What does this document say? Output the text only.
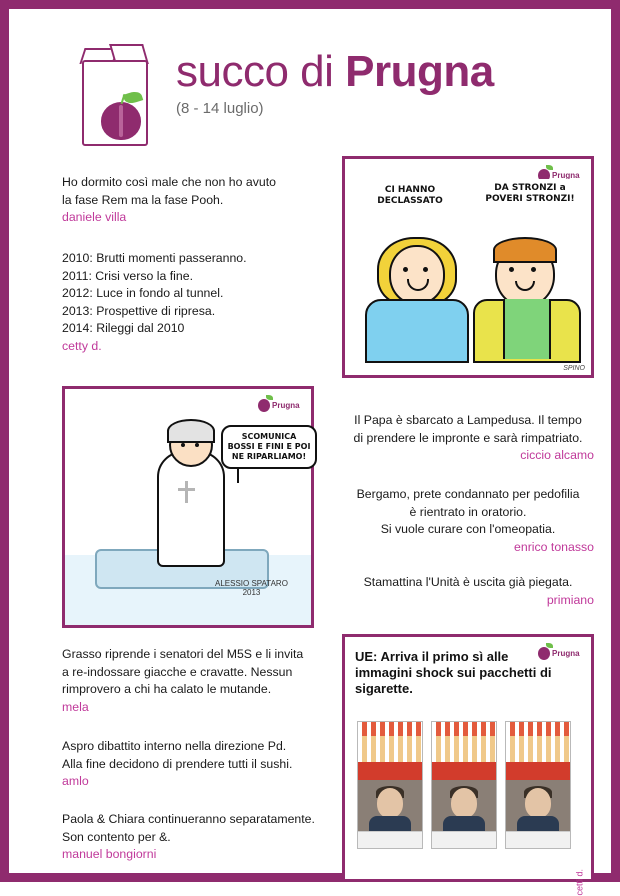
succo di Prugna
(8 - 14 luglio)

Ho dormito così male che non ho avuto

la fase Rem ma la fase Pooh.

daniele villa

2010: Brutti momenti passeranno.

2011: Crisi verso la fine.

2012: Luce in fondo al tunnel.

2013: Prospettive di ripresa.

2014: Rileggi dal 2010

cetty d.

Prugna
CI HANNO DECLASSATO
DA STRONZI a POVERI STRONZI!
SPINO

Il Papa è sbarcato a Lampedusa. Il tempo

di prendere le impronte e sarà rimpatriato.

ciccio alcamo

Bergamo, prete condannato per pedofilia

è rientrato in oratorio.

Si vuole curare con l'omeopatia.

enrico tonasso

Stamattina l'Unità è uscita già piegata.

primiano

Prugna
SCOMUNICA BOSSI E FINI E POI NE RIPARLIAMO!
ALESSIO SPATARO
2013

Grasso riprende i senatori del M5S e li invita

a re-indossare giacche e cravatte. Nessun

rimprovero a chi ha calato le mutande.

mela

Aspro dibattito interno nella direzione Pd.

Alla fine decidono di prendere tutti il sushi.

amlo

Paola & Chiara continueranno separatamente.

Son contento per &.

manuel bongiorni

Prugna
UE: Arriva il primo sì alle immagini shock sui pacchetti di sigarette.
cetti d.
